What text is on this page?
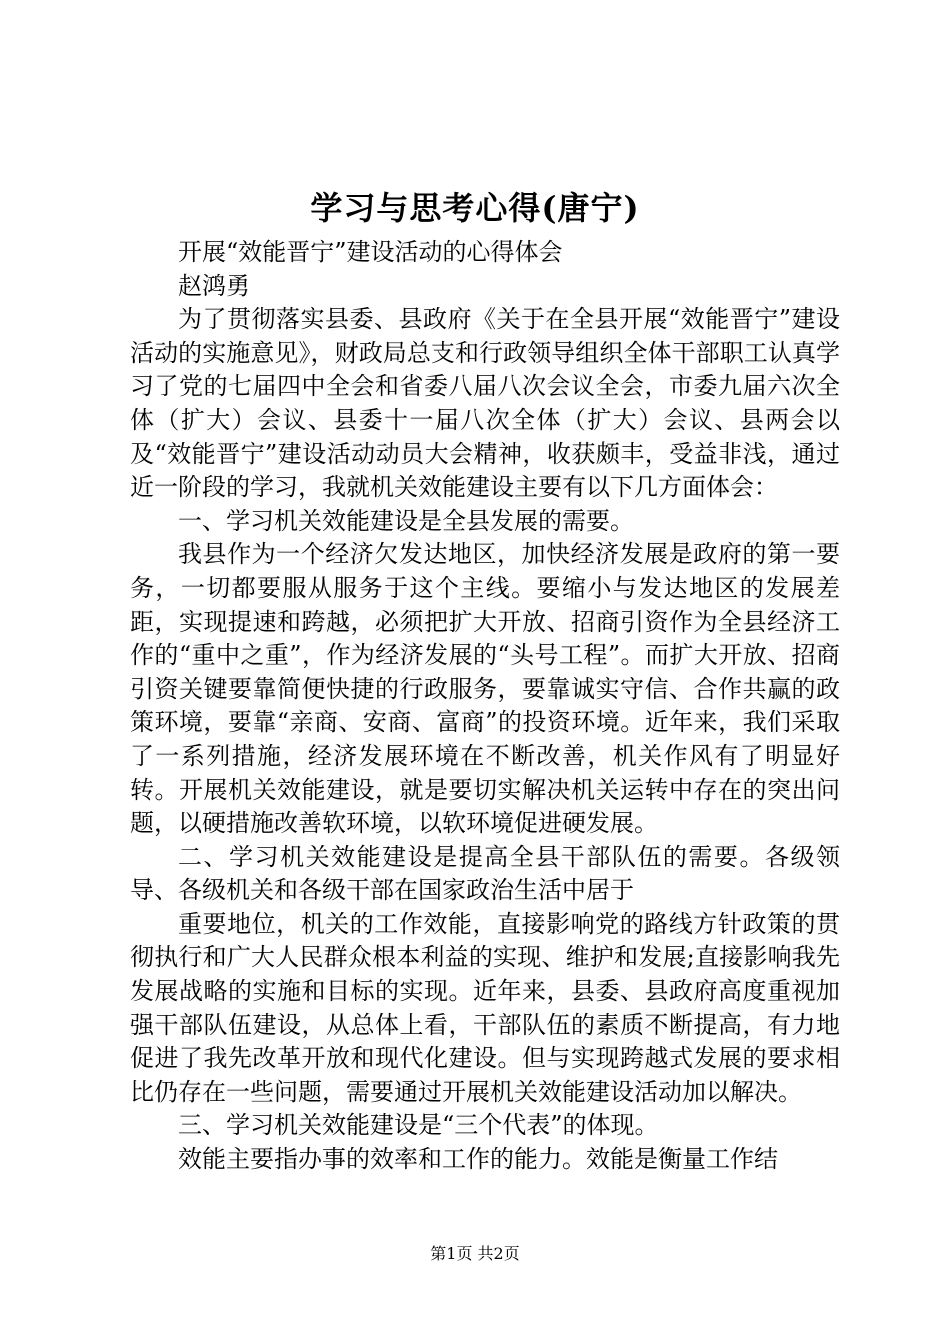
学习与思考心得(唐宁)

开展“效能晋宁”建设活动的心得体会

赵鸿勇

为了贯彻落实县委、县政府《关于在全县开展“效能晋宁”建设活动的实施意见》，财政局总支和行政领导组织全体干部职工认真学习了党的七届四中全会和省委八届八次会议全会，市委九届六次全体（扩大）会议、县委十一届八次全体（扩大）会议、县两会以及“效能晋宁”建设活动动员大会精神，收获颇丰，受益非浅，通过近一阶段的学习，我就机关效能建设主要有以下几方面体会：

一、学习机关效能建设是全县发展的需要。

我县作为一个经济欠发达地区，加快经济发展是政府的第一要务，一切都要服从服务于这个主线。要缩小与发达地区的发展差距，实现提速和跨越，必须把扩大开放、招商引资作为全县经济工作的“重中之重”，作为经济发展的“头号工程”。而扩大开放、招商引资关键要靠简便快捷的行政服务，要靠诚实守信、合作共赢的政策环境，要靠“亲商、安商、富商”的投资环境。近年来，我们采取了一系列措施，经济发展环境在不断改善，机关作风有了明显好转。开展机关效能建设，就是要切实解决机关运转中存在的突出问题，以硬措施改善软环境，以软环境促进硬发展。

二、学习机关效能建设是提高全县干部队伍的需要。各级领导、各级机关和各级干部在国家政治生活中居于

重要地位，机关的工作效能，直接影响党的路线方针政策的贯彻执行和广大人民群众根本利益的实现、维护和发展;直接影响我先发展战略的实施和目标的实现。近年来，县委、县政府高度重视加强干部队伍建设，从总体上看，干部队伍的素质不断提高，有力地促进了我先改革开放和现代化建设。但与实现跨越式发展的要求相比仍存在一些问题，需要通过开展机关效能建设活动加以解决。

三、学习机关效能建设是“三个代表”的体现。

效能主要指办事的效率和工作的能力。效能是衡量工作结

第1页 共2页
